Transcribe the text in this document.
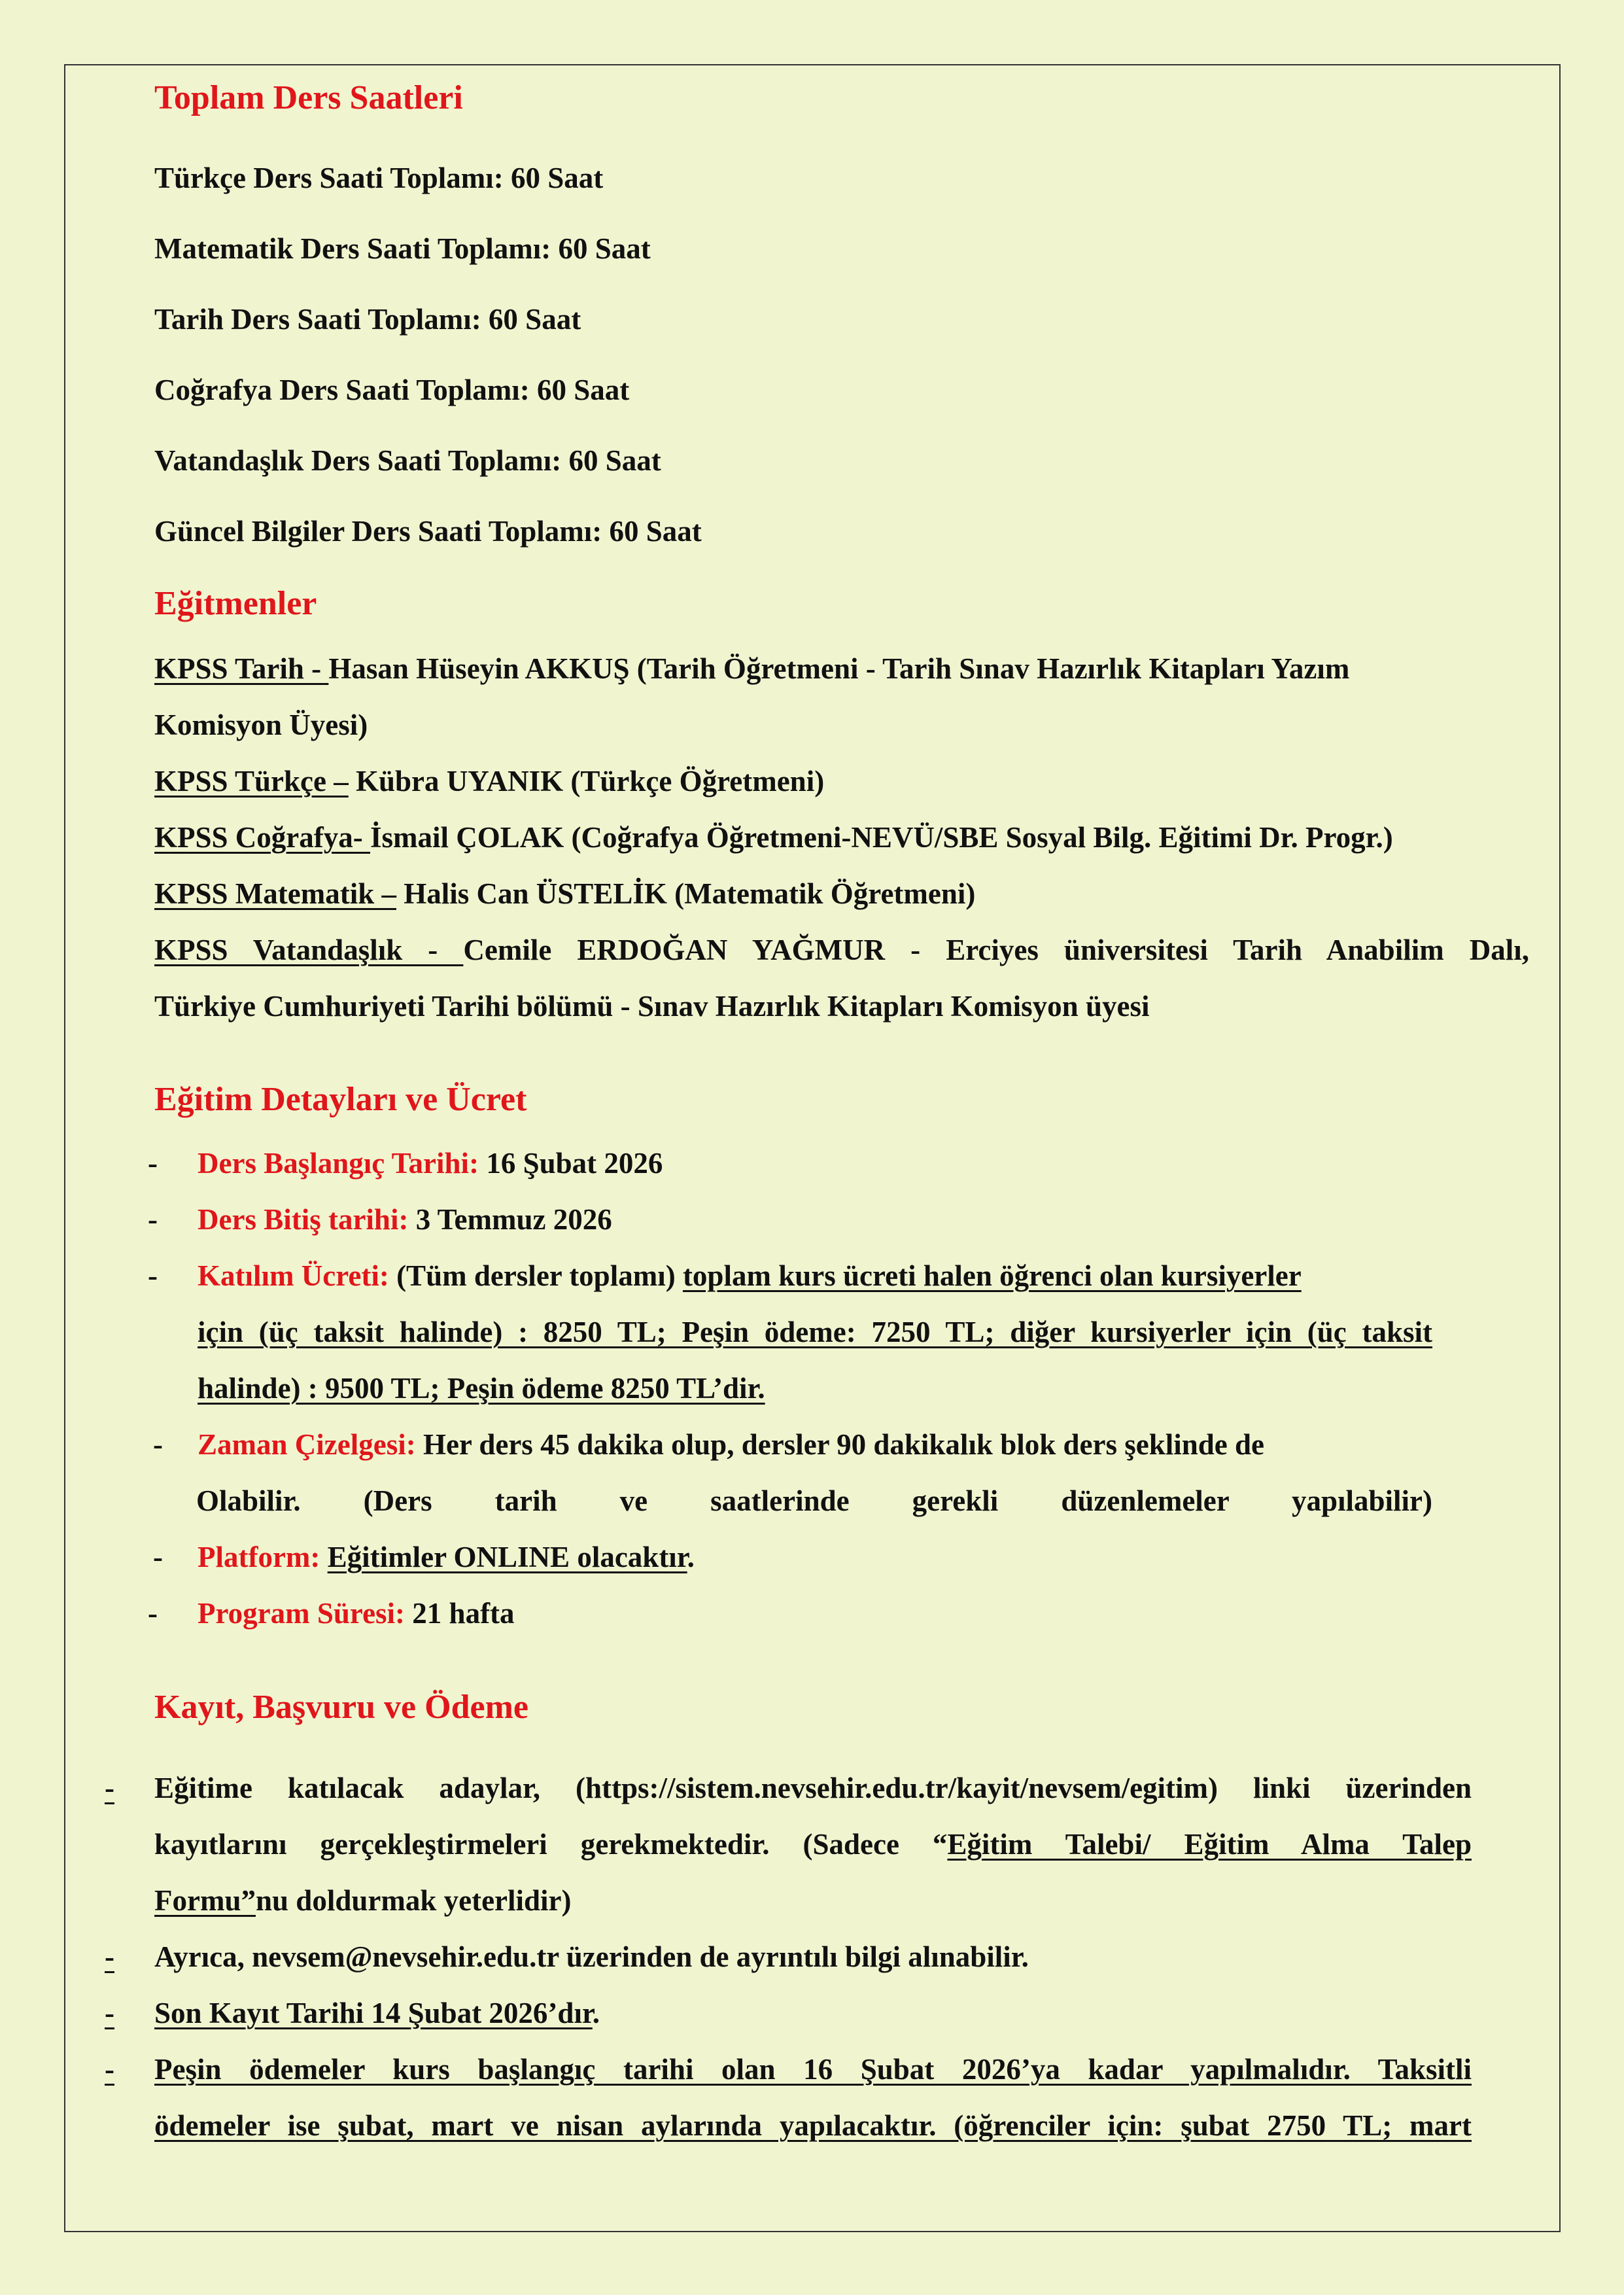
Toplam Ders Saatleri

Türkçe Ders Saati Toplamı: 60 Saat

Matematik Ders Saati Toplamı: 60 Saat

Tarih Ders Saati Toplamı: 60 Saat

Coğrafya Ders Saati Toplamı: 60 Saat

Vatandaşlık Ders Saati Toplamı: 60 Saat

Güncel Bilgiler Ders Saati Toplamı: 60 Saat

Eğitmenler

KPSS Tarih - Hasan Hüseyin AKKUŞ (Tarih Öğretmeni - Tarih Sınav Hazırlık Kitapları Yazım

Komisyon Üyesi)

KPSS Türkçe – Kübra UYANIK (Türkçe Öğretmeni)

KPSS Coğrafya- İsmail ÇOLAK (Coğrafya Öğretmeni-NEVÜ/SBE Sosyal Bilg. Eğitimi Dr. Progr.)

KPSS Matematik – Halis Can ÜSTELİK (Matematik Öğretmeni)

KPSS Vatandaşlık - Cemile ERDOĞAN YAĞMUR - Erciyes üniversitesi Tarih Anabilim Dalı,

Türkiye Cumhuriyeti Tarihi bölümü - Sınav Hazırlık Kitapları Komisyon üyesi

Eğitim Detayları ve Ücret

- Ders Başlangıç Tarihi: 16 Şubat 2026

- Ders Bitiş tarihi: 3 Temmuz 2026

- Katılım Ücreti: (Tüm dersler toplamı) toplam kurs ücreti halen öğrenci olan kursiyerler

için (üç taksit halinde) : 8250 TL; Peşin ödeme: 7250 TL; diğer kursiyerler için (üç taksit

halinde) : 9500 TL; Peşin ödeme 8250 TL’dir.

- Zaman Çizelgesi: Her ders 45 dakika olup, dersler 90 dakikalık blok ders şeklinde de

Olabilir. (Ders tarih ve saatlerinde gerekli düzenlemeler yapılabilir)

- Platform: Eğitimler ONLINE olacaktır.

- Program Süresi: 21 hafta

Kayıt, Başvuru ve Ödeme

- Eğitime katılacak adaylar, (https://sistem.nevsehir.edu.tr/kayit/nevsem/egitim) linki üzerinden

kayıtlarını gerçekleştirmeleri gerekmektedir. (Sadece “Eğitim Talebi/ Eğitim Alma Talep

Formu”nu doldurmak yeterlidir)

- Ayrıca, nevsem@nevsehir.edu.tr üzerinden de ayrıntılı bilgi alınabilir.

- Son Kayıt Tarihi 14 Şubat 2026’dır.

- Peşin ödemeler kurs başlangıç tarihi olan 16 Şubat 2026’ya kadar yapılmalıdır. Taksitli

ödemeler ise şubat, mart ve nisan aylarında yapılacaktır. (öğrenciler için: şubat 2750 TL; mart
